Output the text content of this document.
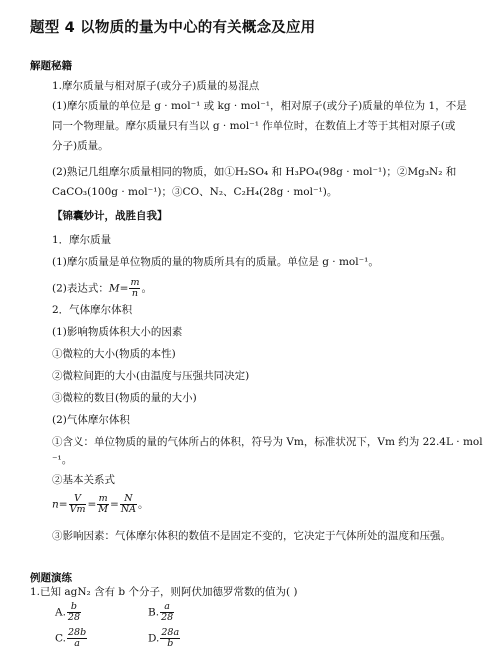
题型 4 以物质的量为中心的有关概念及应用
解题秘籍
1.摩尔质量与相对原子(或分子)质量的易混点
(1)摩尔质量的单位是 g · mol⁻¹ 或 kg · mol⁻¹，相对原子(或分子)质量的单位为 1，不是
同一个物理量。摩尔质量只有当以 g · mol⁻¹ 作单位时，在数值上才等于其相对原子(或
分子)质量。
(2)熟记几组摩尔质量相同的物质，如①H₂SO₄ 和 H₃PO₄(98g · mol⁻¹)；②Mg₃N₂ 和
CaCO₃(100g · mol⁻¹)；③CO、N₂、C₂H₄(28g · mol⁻¹)。
【锦囊妙计，战胜自我】
1．摩尔质量
(1)摩尔质量是单位物质的量的物质所具有的质量。单位是 g · mol⁻¹。
(2)表达式：$M= \frac{m}{n}$ 。
2．气体摩尔体积
(1)影响物质体积大小的因素
①微粒的大小(物质的本性)
②微粒间距的大小(由温度与压强共同决定)
③微粒的数目(物质的量的大小)
(2)气体摩尔体积
①含义：单位物质的量的气体所占的体积，符号为 Vm，标准状况下，Vm 约为 22.4L · mol
⁻¹。
②基本关系式
$n= \frac{V}{Vm} = \frac{m}{M} = \frac{N}{NA}$ 。
③影响因素：气体摩尔体积的数值不是固定不变的，它决定于气体所处的温度和压强。
例题演练
1.已知 agN₂ 含有 b 个分子，则阿伏加德罗常数的值为( )
A. $\frac{b}{28}$	B. $\frac{a}{28}$
C. $\frac{28b}{a}$	D. $\frac{28a}{b}$
